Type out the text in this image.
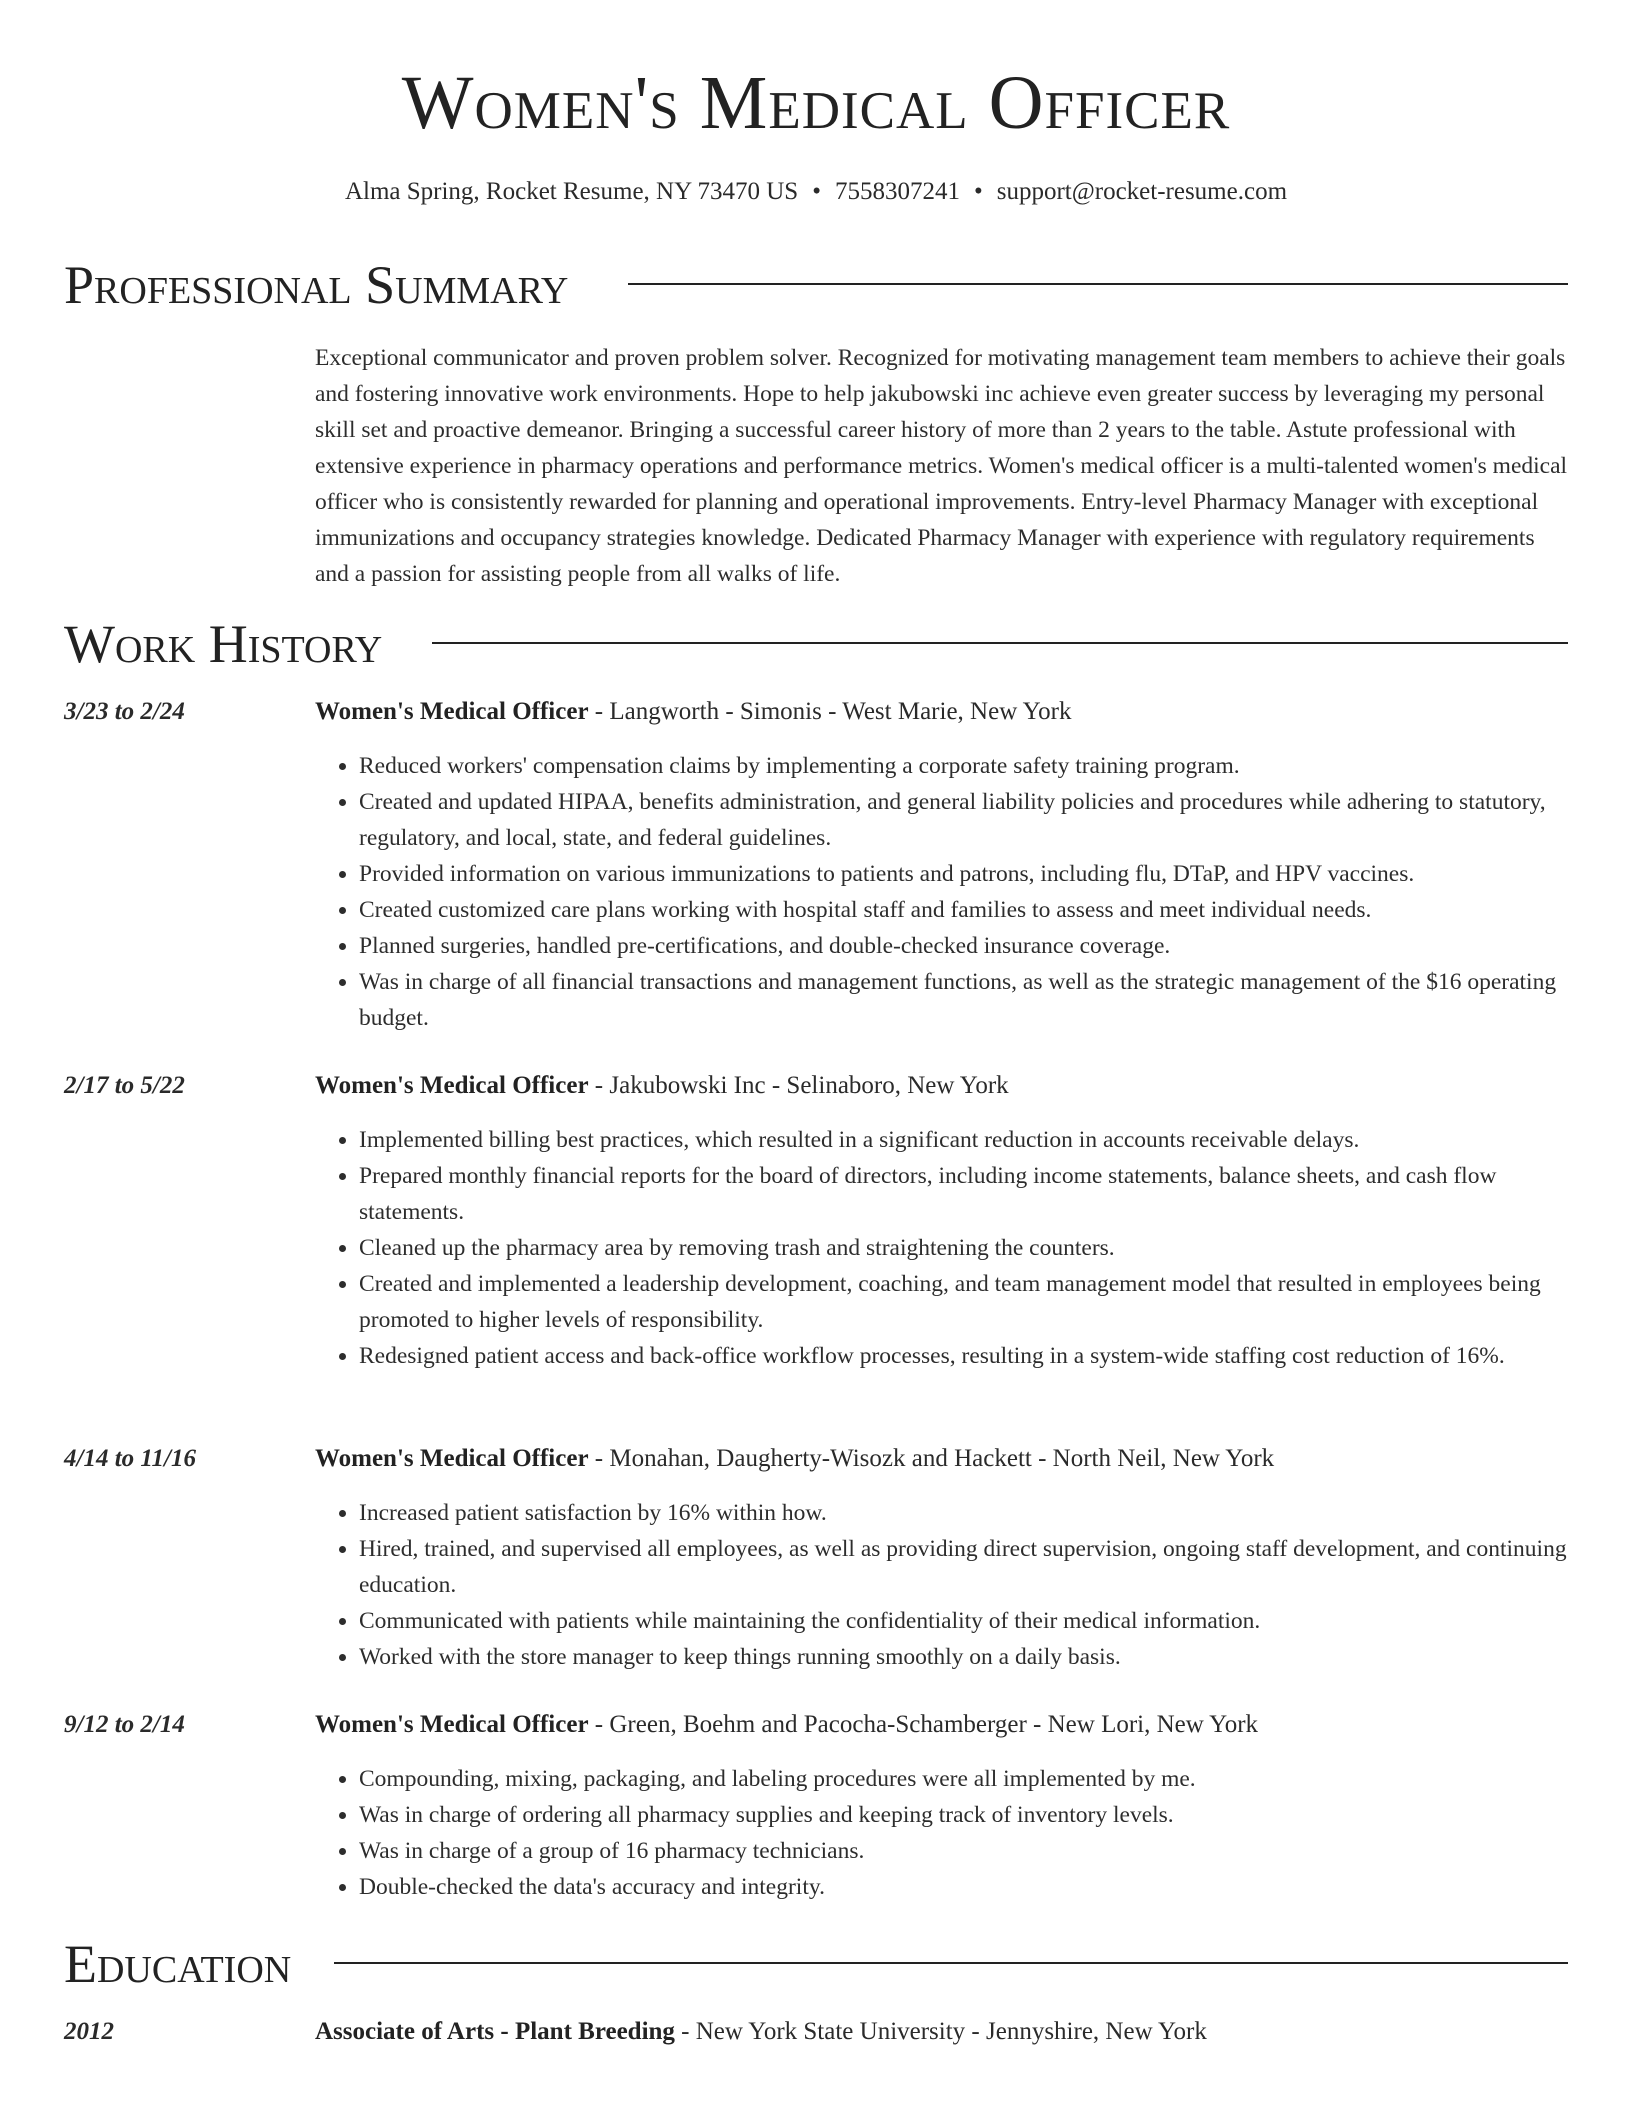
Women's Medical Officer
Alma Spring, Rocket Resume, NY 73470 US • 7558307241 • support@rocket-resume.com
Professional Summary
Exceptional communicator and proven problem solver. Recognized for motivating management team members to achieve their goals and fostering innovative work environments. Hope to help jakubowski inc achieve even greater success by leveraging my personal skill set and proactive demeanor. Bringing a successful career history of more than 2 years to the table. Astute professional with extensive experience in pharmacy operations and performance metrics. Women's medical officer is a multi-talented women's medical officer who is consistently rewarded for planning and operational improvements. Entry-level Pharmacy Manager with exceptional immunizations and occupancy strategies knowledge. Dedicated Pharmacy Manager with experience with regulatory requirements and a passion for assisting people from all walks of life.
Work History
3/23 to 2/24	Women's Medical Officer - Langworth - Simonis - West Marie, New York
• Reduced workers' compensation claims by implementing a corporate safety training program.
• Created and updated HIPAA, benefits administration, and general liability policies and procedures while adhering to statutory, regulatory, and local, state, and federal guidelines.
• Provided information on various immunizations to patients and patrons, including flu, DTaP, and HPV vaccines.
• Created customized care plans working with hospital staff and families to assess and meet individual needs.
• Planned surgeries, handled pre-certifications, and double-checked insurance coverage.
• Was in charge of all financial transactions and management functions, as well as the strategic management of the $16 operating budget.
2/17 to 5/22	Women's Medical Officer - Jakubowski Inc - Selinaboro, New York
• Implemented billing best practices, which resulted in a significant reduction in accounts receivable delays.
• Prepared monthly financial reports for the board of directors, including income statements, balance sheets, and cash flow statements.
• Cleaned up the pharmacy area by removing trash and straightening the counters.
• Created and implemented a leadership development, coaching, and team management model that resulted in employees being promoted to higher levels of responsibility.
• Redesigned patient access and back-office workflow processes, resulting in a system-wide staffing cost reduction of 16%.
4/14 to 11/16	Women's Medical Officer - Monahan, Daugherty-Wisozk and Hackett - North Neil, New York
• Increased patient satisfaction by 16% within how.
• Hired, trained, and supervised all employees, as well as providing direct supervision, ongoing staff development, and continuing education.
• Communicated with patients while maintaining the confidentiality of their medical information.
• Worked with the store manager to keep things running smoothly on a daily basis.
9/12 to 2/14	Women's Medical Officer - Green, Boehm and Pacocha-Schamberger - New Lori, New York
• Compounding, mixing, packaging, and labeling procedures were all implemented by me.
• Was in charge of ordering all pharmacy supplies and keeping track of inventory levels.
• Was in charge of a group of 16 pharmacy technicians.
• Double-checked the data's accuracy and integrity.
Education
2012	Associate of Arts - Plant Breeding - New York State University - Jennyshire, New York
